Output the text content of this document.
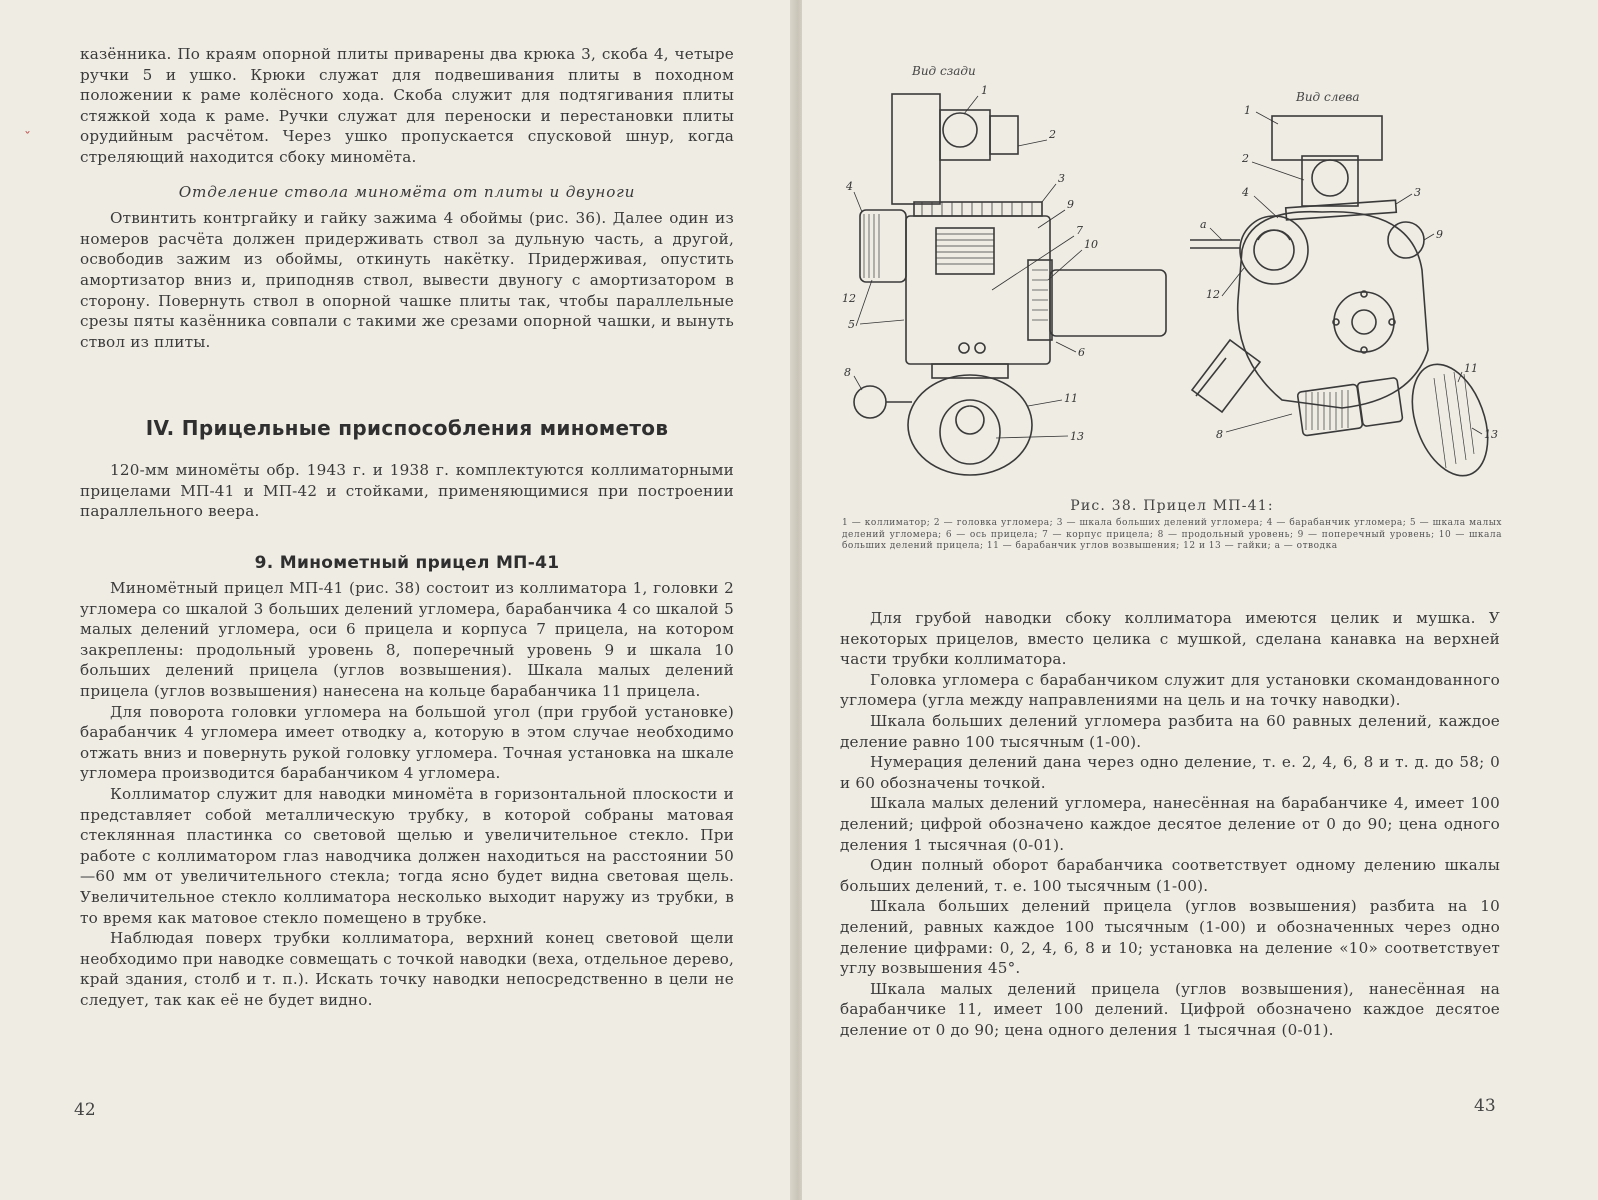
ˇ

казённика. По краям опорной плиты приварены два крюка 3, скоба 4, четыре ручки 5 и ушко. Крюки служат для подвешивания плиты в походном положении к раме колёсного хода. Скоба служит для подтягивания плиты стяжкой хода к раме. Ручки служат для переноски и перестановки плиты орудийным расчётом. Через ушко пропускается спусковой шнур, когда стреляющий находится сбоку миномёта.

Отделение ствола миномёта от плиты и двуноги

Отвинтить контргайку и гайку зажима 4 обоймы (рис. 36). Далее один из номеров расчёта должен придерживать ствол за дульную часть, а другой, освободив зажим из обоймы, откинуть накётку. Придерживая, опустить амортизатор вниз и, приподняв ствол, вывести двуногу с амортизатором в сторону. Повернуть ствол в опорной чашке плиты так, чтобы параллельные срезы пяты казённика совпали с такими же срезами опорной чашки, и вынуть ствол из плиты.

IV. Прицельные приспособления минометов

120-мм миномёты обр. 1943 г. и 1938 г. комплектуются коллиматорными прицелами МП-41 и МП-42 и стойками, применяющимися при построении параллельного веера.

9. Минометный прицел МП-41

Миномётный прицел МП-41 (рис. 38) состоит из коллиматора 1, головки 2 угломера со шкалой 3 больших делений угломера, барабанчика 4 со шкалой 5 малых делений угломера, оси 6 прицела и корпуса 7 прицела, на котором закреплены: продольный уровень 8, поперечный уровень 9 и шкала 10 больших делений прицела (углов возвышения). Шкала малых делений прицела (углов возвышения) нанесена на кольце барабанчика 11 прицела.

Для поворота головки угломера на большой угол (при грубой установке) барабанчик 4 угломера имеет отводку а, которую в этом случае необходимо отжать вниз и повернуть рукой головку угломера. Точная установка на шкале угломера производится барабанчиком 4 угломера.

Коллиматор служит для наводки миномёта в горизонтальной плоскости и представляет собой металлическую трубку, в которой собраны матовая стеклянная пластинка со световой щелью и увеличительное стекло. При работе с коллиматором глаз наводчика должен находиться на расстоянии 50—60 мм от увеличительного стекла; тогда ясно будет видна световая щель. Увеличительное стекло коллиматора несколько выходит наружу из трубки, в то время как матовое стекло помещено в трубке.

Наблюдая поверх трубки коллиматора, верхний конец световой щели необходимо при наводке совмещать с точкой наводки (веха, отдельное дерево, край здания, столб и т. п.). Искать точку наводки непосредственно в цели не следует, так как её не будет видно.

42
Вид сзади
Вид слева
1
2
3
4
9
7
10
12
5
6
8
11
13
1
2
3
4
а
9
12
11
13
8
Рис. 38. Прицел МП-41:
1 — коллиматор; 2 — головка угломера; 3 — шкала больших делений угломера; 4 — барабанчик угломера; 5 — шкала малых делений угломера; 6 — ось прицела; 7 — корпус прицела; 8 — продольный уровень; 9 — поперечный уровень; 10 — шкала больших делений прицела; 11 — барабанчик углов возвышения; 12 и 13 — гайки; а — отводка

Для грубой наводки сбоку коллиматора имеются целик и мушка. У некоторых прицелов, вместо целика с мушкой, сделана канавка на верхней части трубки коллиматора.

Головка угломера с барабанчиком служит для установки скомандованного угломера (угла между направлениями на цель и на точку наводки).

Шкала больших делений угломера разбита на 60 равных делений, каждое деление равно 100 тысячным (1-00).

Нумерация делений дана через одно деление, т. е. 2, 4, 6, 8 и т. д. до 58; 0 и 60 обозначены точкой.

Шкала малых делений угломера, нанесённая на барабанчике 4, имеет 100 делений; цифрой обозначено каждое десятое деление от 0 до 90; цена одного деления 1 тысячная (0-01).

Один полный оборот барабанчика соответствует одному делению шкалы больших делений, т. е. 100 тысячным (1-00).

Шкала больших делений прицела (углов возвышения) разбита на 10 делений, равных каждое 100 тысячным (1-00) и обозначенных через одно деление цифрами: 0, 2, 4, 6, 8 и 10; установка на деление «10» соответствует углу возвышения 45°.

Шкала малых делений прицела (углов возвышения), нанесённая на барабанчике 11, имеет 100 делений. Цифрой обозначено каждое десятое деление от 0 до 90; цена одного деления 1 тысячная (0-01).

43
